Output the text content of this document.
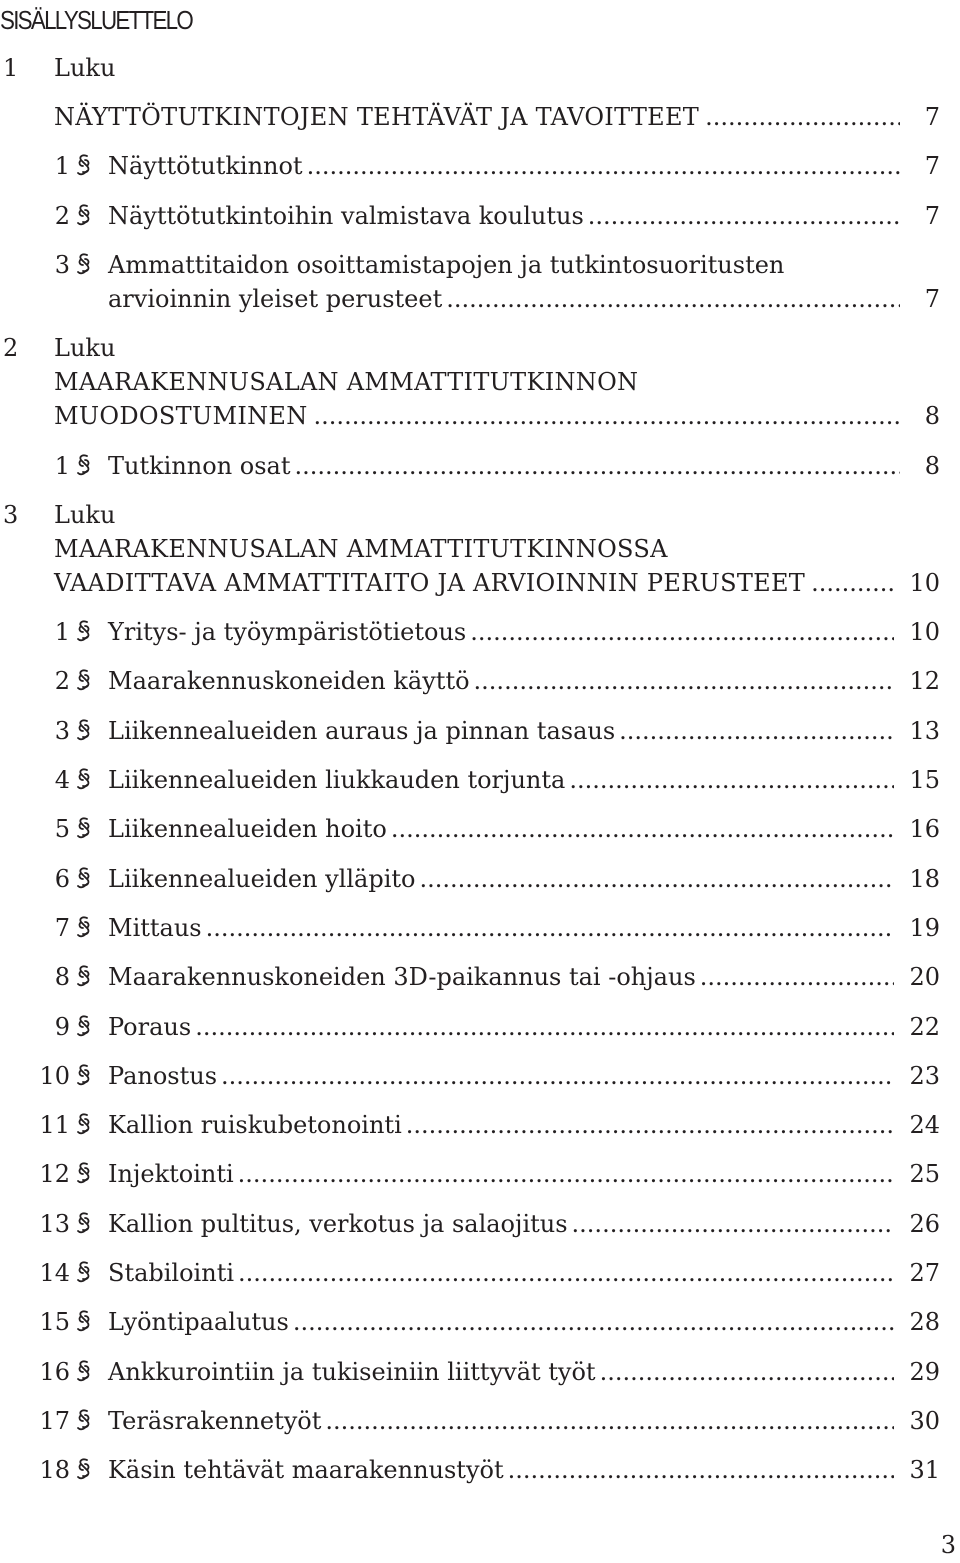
SISÄLLYSLUETTELO
1 Luku
NÄYTTÖTUTKINTOJEN TEHTÄVÄT JA TAVOITTEET .....	7
1 Näyttötutkinnot .....	7
2 Näyttötutkintoihin valmistava koulutus .....	7
3 Ammattitaidon osoittamistapojen ja tutkintosuoritusten
arvioinnin yleiset perusteet .....	7
2 Luku
MAARAKENNUSALAN AMMATTITUTKINNON
MUODOSTUMINEN .....	8
1 Tutkinnon osat .....	8
3 Luku
MAARAKENNUSALAN AMMATTITUTKINNOSSA
VAADITTAVA AMMATTITAITO JA ARVIOINNIN PERUSTEET .....	10
1 Yritys- ja työympäristötietous .....	10
2 Maarakennuskoneiden käyttö .....	12
3 Liikennealueiden auraus ja pinnan tasaus .....	13
4 Liikennealueiden liukkauden torjunta .....	15
5 Liikennealueiden hoito .....	16
6 Liikennealueiden ylläpito .....	18
7 Mittaus .....	19
8 Maarakennuskoneiden 3D-paikannus tai -ohjaus .....	20
9 Poraus .....	22
10 Panostus .....	23
11 Kallion ruiskubetonointi .....	24
12 Injektointi .....	25
13 Kallion pultitus, verkotus ja salaojitus .....	26
14 Stabilointi .....	27
15 Lyöntipaalutus .....	28
16 Ankkurointiin ja tukiseiniin liittyvät työt .....	29
17 Teräsrakennetyöt .....	30
18 Käsin tehtävät maarakennustyöt .....	31
3
